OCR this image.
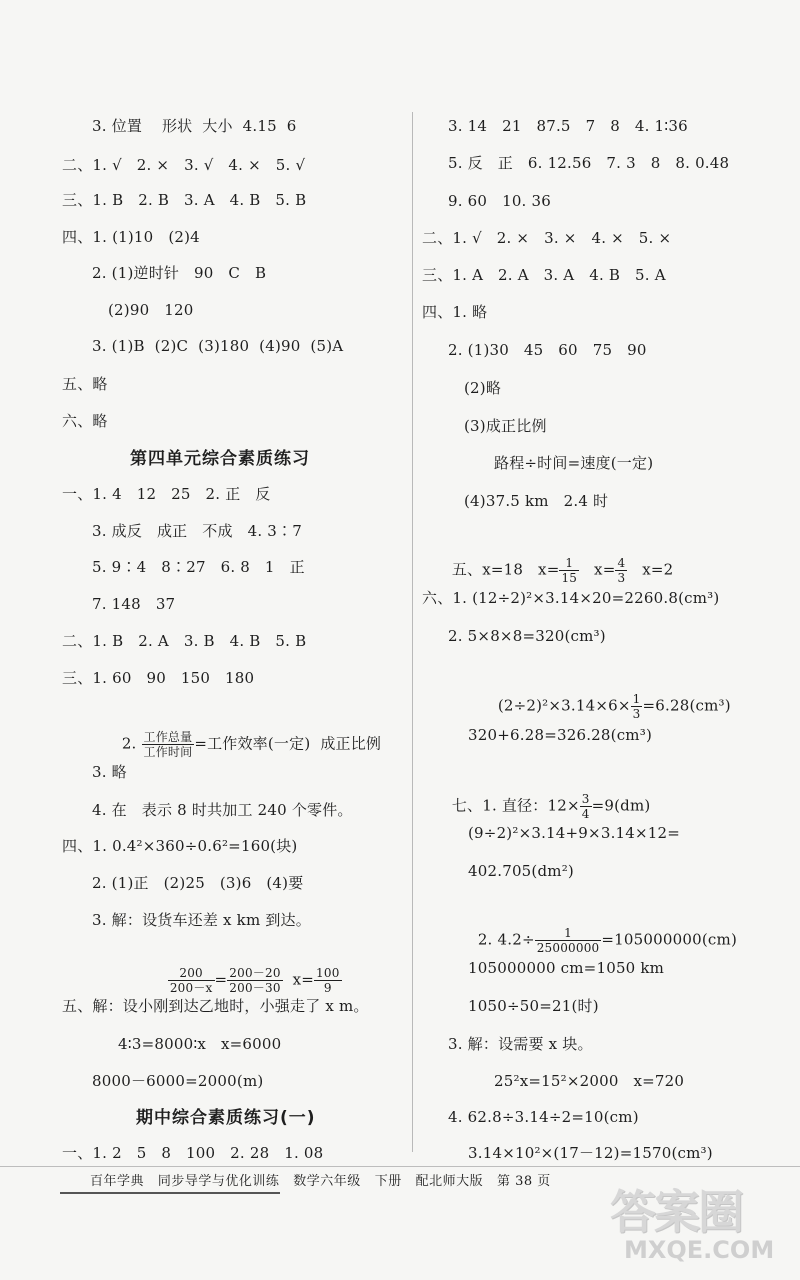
3. 位置    形状  大小  4.15  6
二、1. √   2. ×   3. √   4. ×   5. √
三、1. B   2. B   3. A   4. B   5. B
四、1. (1)10   (2)4
2. (1)逆时针   90   C   B
(2)90   120
3. (1)B  (2)C  (3)180  (4)90  (5)A
五、略
六、略
第四单元综合素质练习
一、1. 4   12   25   2. 正   反
3. 成反   成正   不成   4. 3∶7
5. 9∶4   8∶27   6. 8   1   正
7. 148   37
二、1. B   2. A   3. B   4. B   5. B
三、1. 60   90   150   180

2. $\frac{\text{工作总量}}{\text{工作时间}}$ =工作效率(一定)  成正比例

3. 略
4. 在   表示 8 时共加工 240 个零件。
四、1. 0.4²×360÷0.6²=160(块)
2. (1)正   (2)25   (3)6   (4)要
3. 解：设货车还差 x km 到达。

$\frac{200}{200-x} = \frac{200-20}{200-30} x= \frac{100}{9}$

五、解：设小刚到达乙地时，小强走了 x m。
4∶3=8000∶x   x=6000
8000－6000=2000(m)
期中综合素质练习(一)
一、1. 2   5   8   100   2. 28   1. 08
3. 14   21   87.5   7   8   4. 1∶36
5. 反   正   6. 12.56   7. 3   8   8. 0.48
9. 60   10. 36
二、1. √   2. ×   3. ×   4. ×   5. ×
三、1. A   2. A   3. A   4. B   5. A
四、1. 略
2. (1)30   45   60   75   90
(2)略
(3)成正比例
路程÷时间=速度(一定)
(4)37.5 km   2.4 时

五、x=18   $x= \frac{1}{15} x= \frac{4}{3} x=2$

六、1. (12÷2)²×3.14×20=2260.8(cm³)
2. 5×8×8=320(cm³)

$(2\div 2)^2\times 3.14\times 6\times \frac{1}{3} =6.28(cm^3)$

320+6.28=326.28(cm³)

七、1. 直径：$12\times \frac{3}{4} =9(dm)$

(9÷2)²×3.14+9×3.14×12=
402.705(dm²)

2. $4.2\div \frac{1}{25000000} =105000000(cm)$

105000000 cm=1050 km
1050÷50=21(时)
3. 解：设需要 x 块。
25²x=15²×2000   x=720
4. 62.8÷3.14÷2=10(cm)
3.14×10²×(17－12)=1570(cm³)
百年学典   同步导学与优化训练   数学六年级   下册   配北师大版   第 38 页
答案圈
MXQE.COM
